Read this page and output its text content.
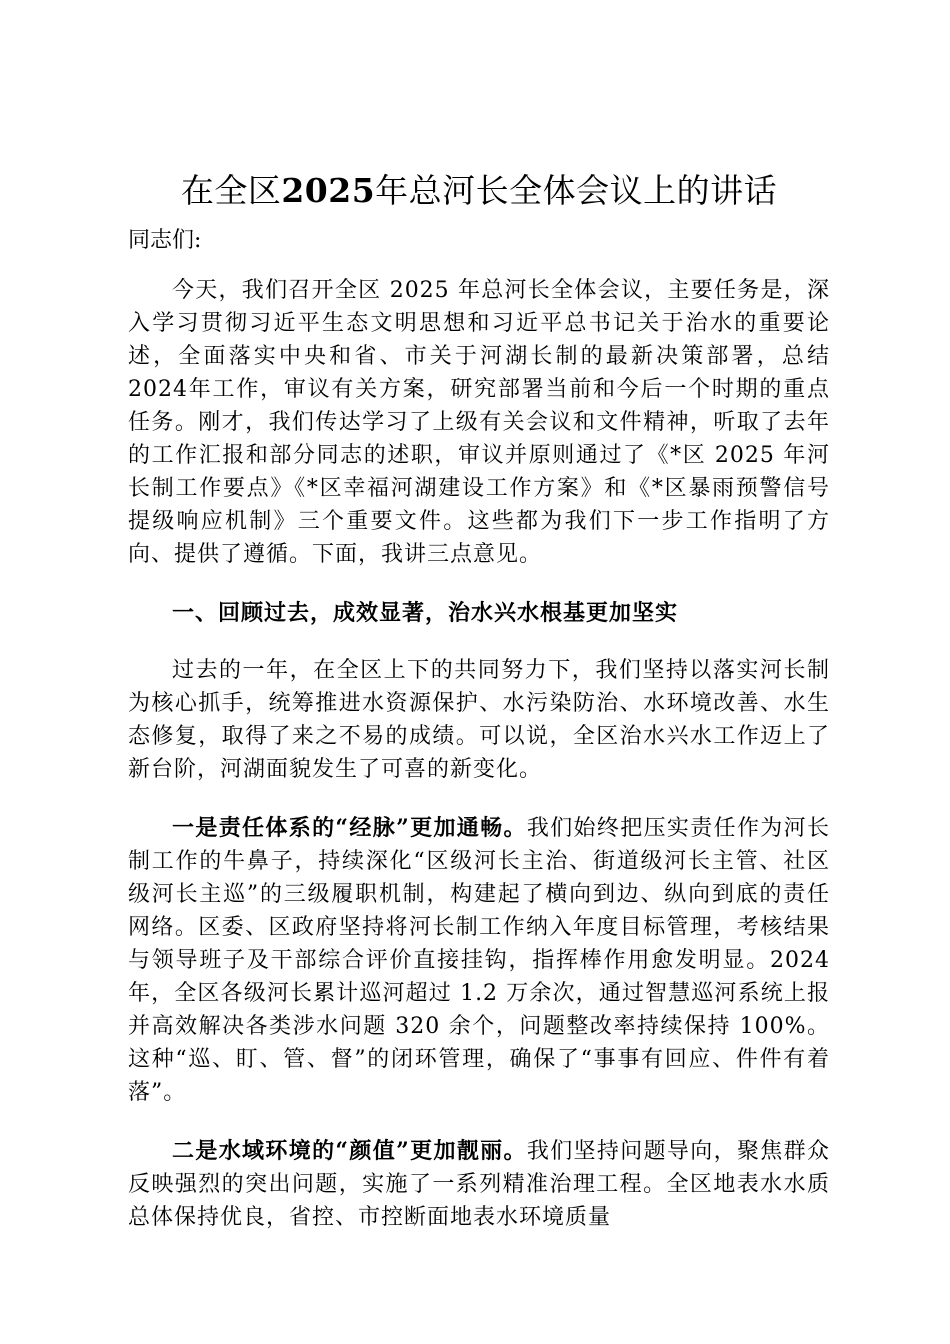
在全区2025年总河长全体会议上的讲话
同志们:

今天，我们召开全区 2025 年总河长全体会议，主要任务是，深入学习贯彻习近平生态文明思想和习近平总书记关于治水的重要论述，全面落实中央和省、市关于河湖长制的最新决策部署，总结2024年工作，审议有关方案，研究部署当前和今后一个时期的重点任务。刚才，我们传达学习了上级有关会议和文件精神，听取了去年的工作汇报和部分同志的述职，审议并原则通过了《*区 2025 年河长制工作要点》《*区幸福河湖建设工作方案》和《*区暴雨预警信号提级响应机制》三个重要文件。这些都为我们下一步工作指明了方向、提供了遵循。下面，我讲三点意见。

一、回顾过去，成效显著，治水兴水根基更加坚实

过去的一年，在全区上下的共同努力下，我们坚持以落实河长制为核心抓手，统筹推进水资源保护、水污染防治、水环境改善、水生态修复，取得了来之不易的成绩。可以说，全区治水兴水工作迈上了新台阶，河湖面貌发生了可喜的新变化。

一是责任体系的“经脉”更加通畅。我们始终把压实责任作为河长制工作的牛鼻子，持续深化“区级河长主治、街道级河长主管、社区级河长主巡”的三级履职机制，构建起了横向到边、纵向到底的责任网络。区委、区政府坚持将河长制工作纳入年度目标管理，考核结果与领导班子及干部综合评价直接挂钩，指挥棒作用愈发明显。2024 年，全区各级河长累计巡河超过 1.2 万余次，通过智慧巡河系统上报并高效解决各类涉水问题 320 余个，问题整改率持续保持 100%。这种“巡、盯、管、督”的闭环管理，确保了“事事有回应、件件有着落”。

二是水域环境的“颜值”更加靓丽。我们坚持问题导向，聚焦群众反映强烈的突出问题，实施了一系列精准治理工程。全区地表水水质总体保持优良，省控、市控断面地表水环境质量
